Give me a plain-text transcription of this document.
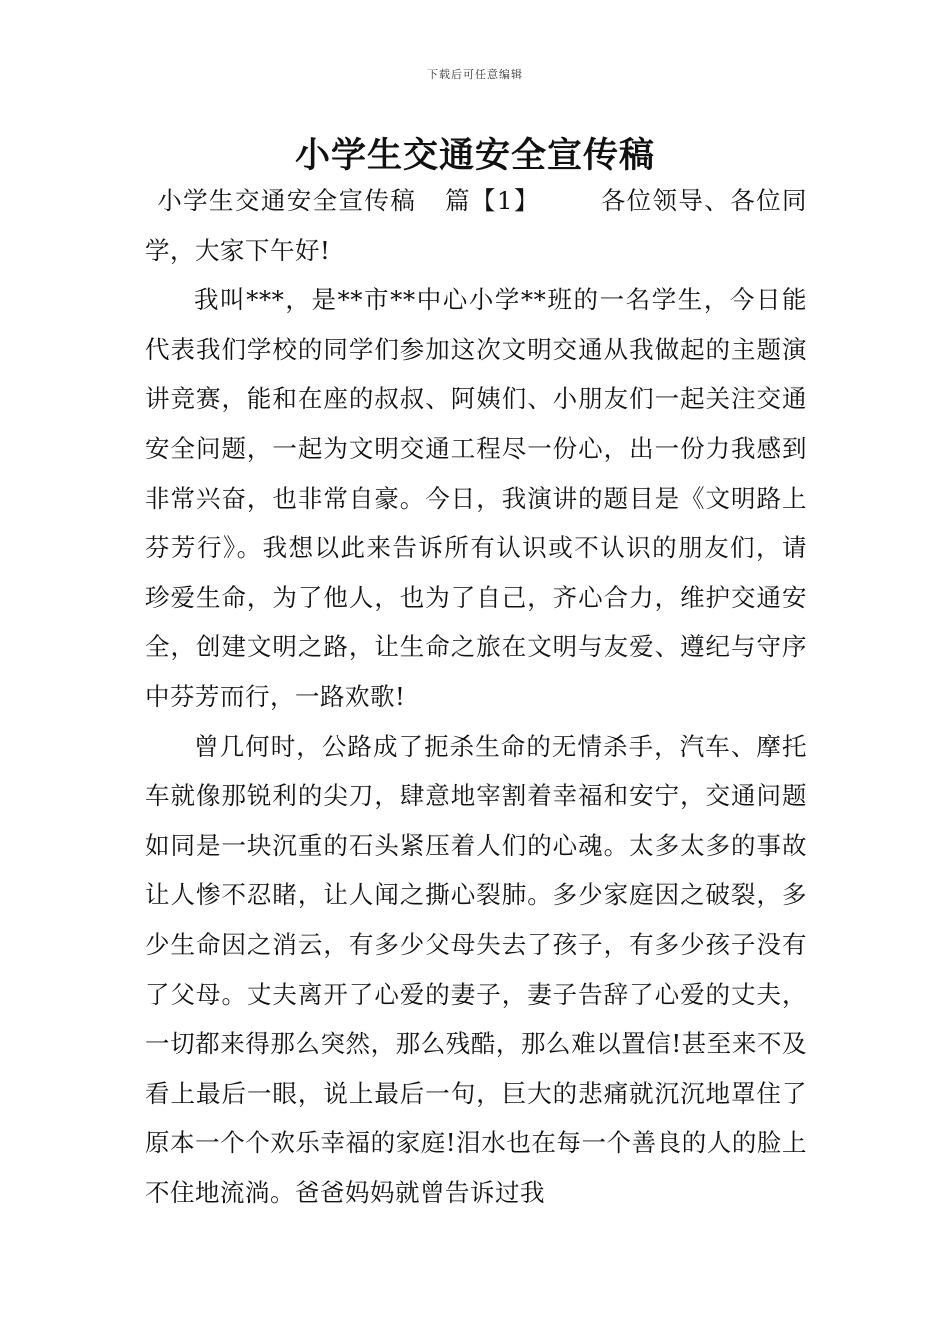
下载后可任意编辑
小学生交通安全宣传稿

小学生交通安全宣传稿 篇【1】 各位领导、各位同学，大家下午好!

我叫***，是**市**中心小学**班的一名学生，今日能代表我们学校的同学们参加这次文明交通从我做起的主题演讲竞赛，能和在座的叔叔、阿姨们、小朋友们一起关注交通安全问题，一起为文明交通工程尽一份心，出一份力我感到非常兴奋，也非常自豪。今日，我演讲的题目是《文明路上芬芳行》。我想以此来告诉所有认识或不认识的朋友们，请珍爱生命，为了他人，也为了自己，齐心合力，维护交通安全，创建文明之路，让生命之旅在文明与友爱、遵纪与守序中芬芳而行，一路欢歌!

曾几何时，公路成了扼杀生命的无情杀手，汽车、摩托车就像那锐利的尖刀，肆意地宰割着幸福和安宁，交通问题如同是一块沉重的石头紧压着人们的心魂。太多太多的事故让人惨不忍睹，让人闻之撕心裂肺。多少家庭因之破裂，多少生命因之消云，有多少父母失去了孩子，有多少孩子没有了父母。丈夫离开了心爱的妻子，妻子告辞了心爱的丈夫，一切都来得那么突然，那么残酷，那么难以置信!甚至来不及看上最后一眼，说上最后一句，巨大的悲痛就沉沉地罩住了原本一个个欢乐幸福的家庭!泪水也在每一个善良的人的脸上不住地流淌。爸爸妈妈就曾告诉过我
